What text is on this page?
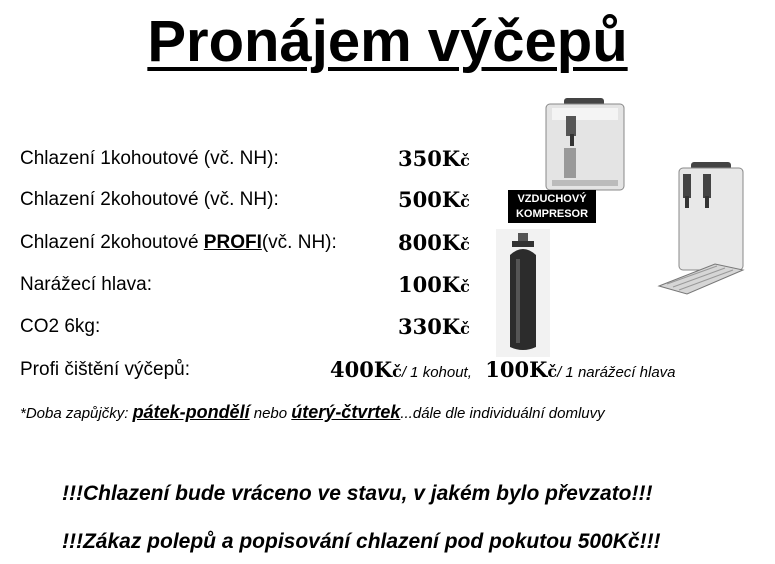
Pronájem výčepů
Chlazení 1kohoutové (vč. NH):	350Kč
Chlazení 2kohoutové (vč. NH):	500Kč
Chlazení 2kohoutové PROFI(vč. NH):	800Kč
Narážecí hlava:	100Kč
CO2 6kg:	330Kč
Profi čištění výčepů:	400Kč/ 1 kohout, 100Kč/ 1 narážecí hlava
*Doba zapůjčky: pátek-pondělí nebo úterý-čtvrtek...dále dle individuální domluvy
!!!Chlazení bude vráceno ve stavu, v jakém bylo převzato!!!
!!!Zákaz polepů a popisování chlazení pod pokutou 500Kč!!!
VZDUCHOVÝ
KOMPRESOR
